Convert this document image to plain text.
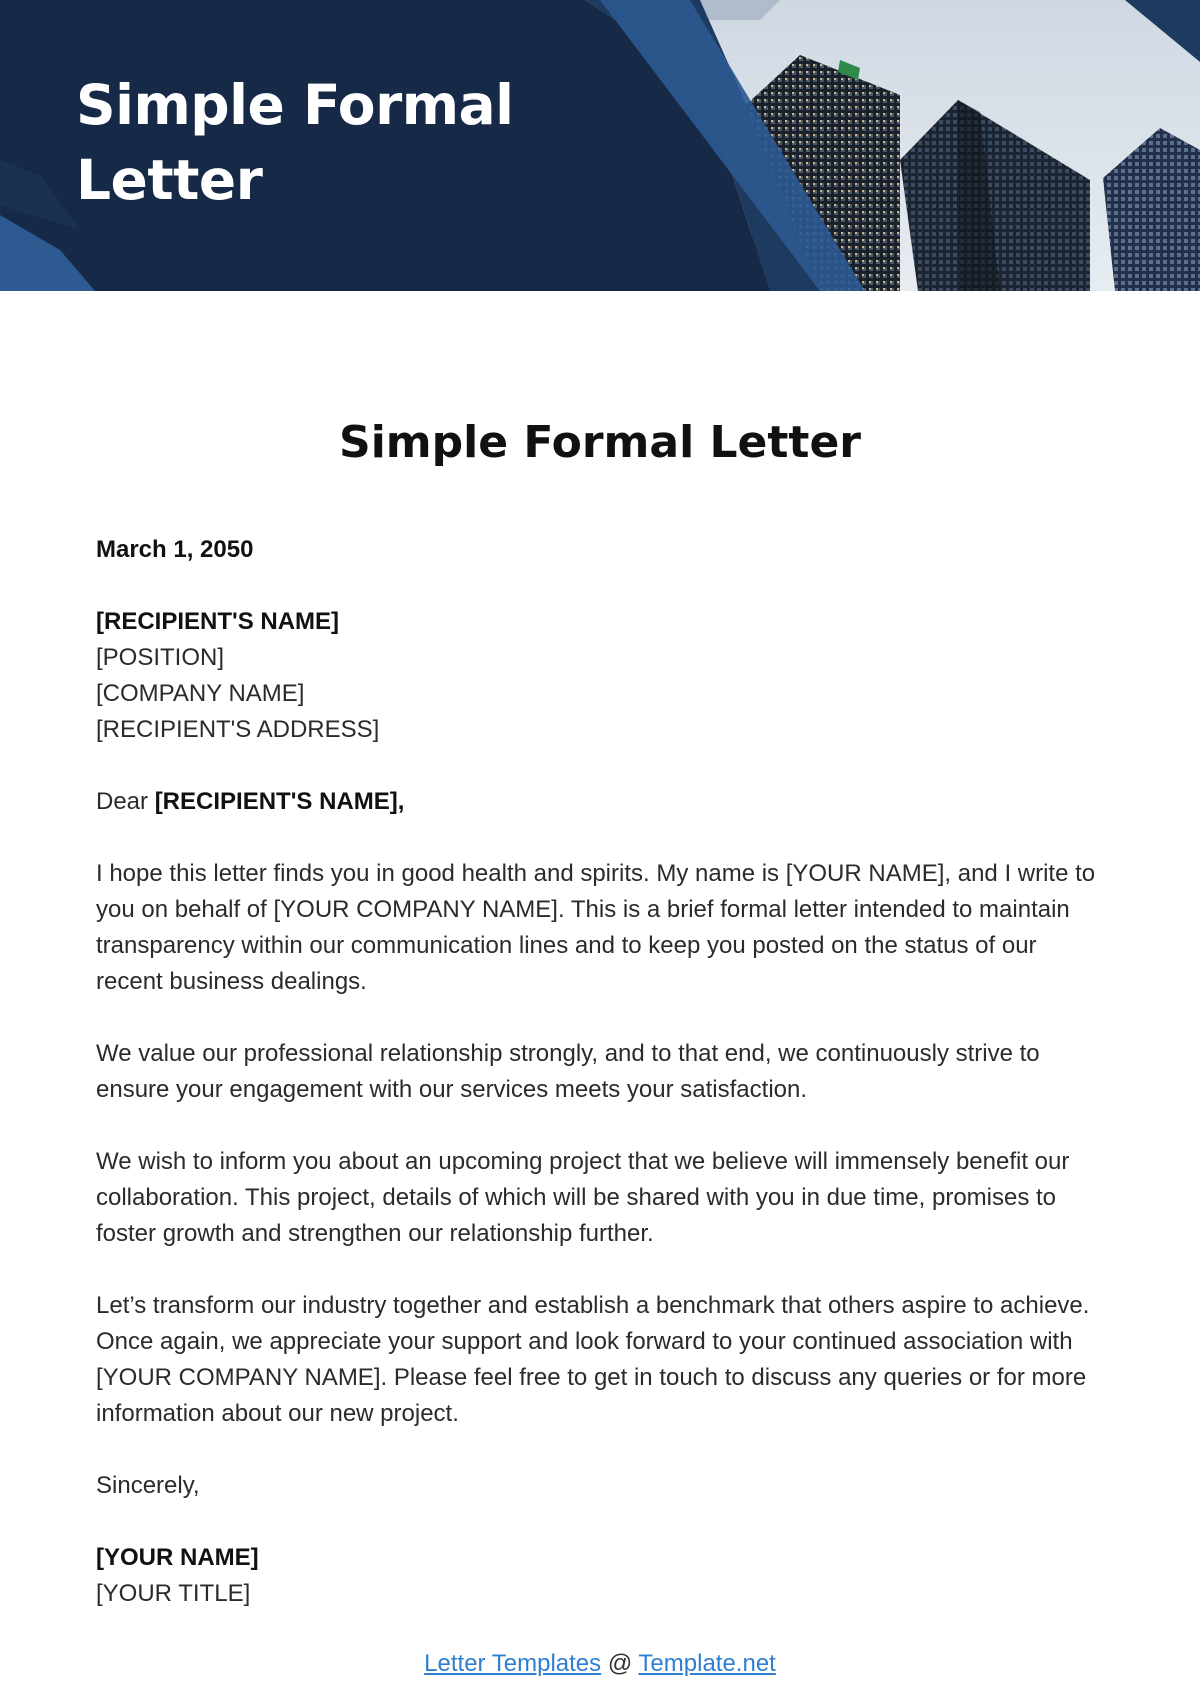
Simple Formal Letter
Simple Formal Letter

March 1, 2050

[RECIPIENT'S NAME]

[POSITION]

[COMPANY NAME]

[RECIPIENT'S ADDRESS]

Dear [RECIPIENT'S NAME],

I hope this letter finds you in good health and spirits. My name is [YOUR NAME], and I write to you on behalf of [YOUR COMPANY NAME]. This is a brief formal letter intended to maintain transparency within our communication lines and to keep you posted on the status of our recent business dealings.

We value our professional relationship strongly, and to that end, we continuously strive to ensure your engagement with our services meets your satisfaction.

We wish to inform you about an upcoming project that we believe will immensely benefit our collaboration. This project, details of which will be shared with you in due time, promises to foster growth and strengthen our relationship further.

Let’s transform our industry together and establish a benchmark that others aspire to achieve. Once again, we appreciate your support and look forward to your continued association with [YOUR COMPANY NAME]. Please feel free to get in touch to discuss any queries or for more information about our new project.

Sincerely,

[YOUR NAME]

[YOUR TITLE]

Letter Templates @ Template.net
